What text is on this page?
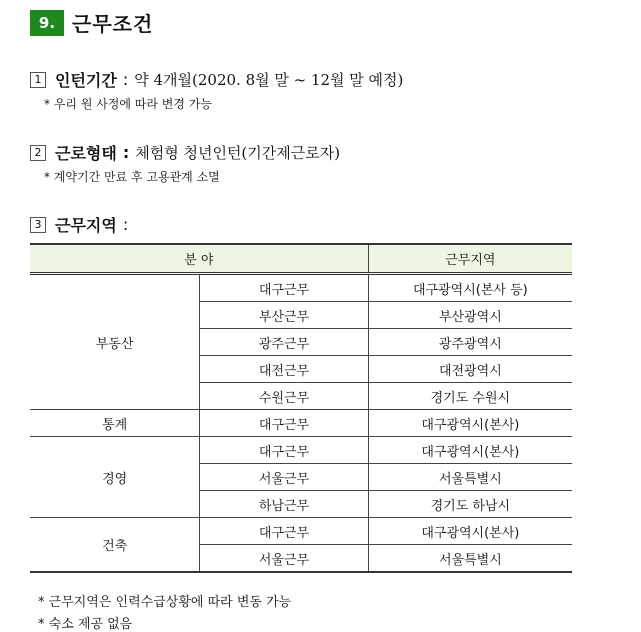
9. 근무조건
1 인턴기간 : 약 4개월(2020. 8월 말 ~ 12월 말 예정)
* 우리 원 사정에 따라 변경 가능
2 근로형태 : 체험형 청년인턴(기간제근로자)
* 계약기간 만료 후 고용관계 소멸
3 근무지역 :
분 야		근무지역
부동산	대구근무	대구광역시(본사 등)
	부산근무	부산광역시
	광주근무	광주광역시
	대전근무	대전광역시
	수원근무	경기도 수원시
통계	대구근무	대구광역시(본사)
경영	대구근무	대구광역시(본사)
	서울근무	서울특별시
	하남근무	경기도 하남시
건축	대구근무	대구광역시(본사)
	서울근무	서울특별시
* 근무지역은 인력수급상황에 따라 변동 가능
* 숙소 제공 없음
